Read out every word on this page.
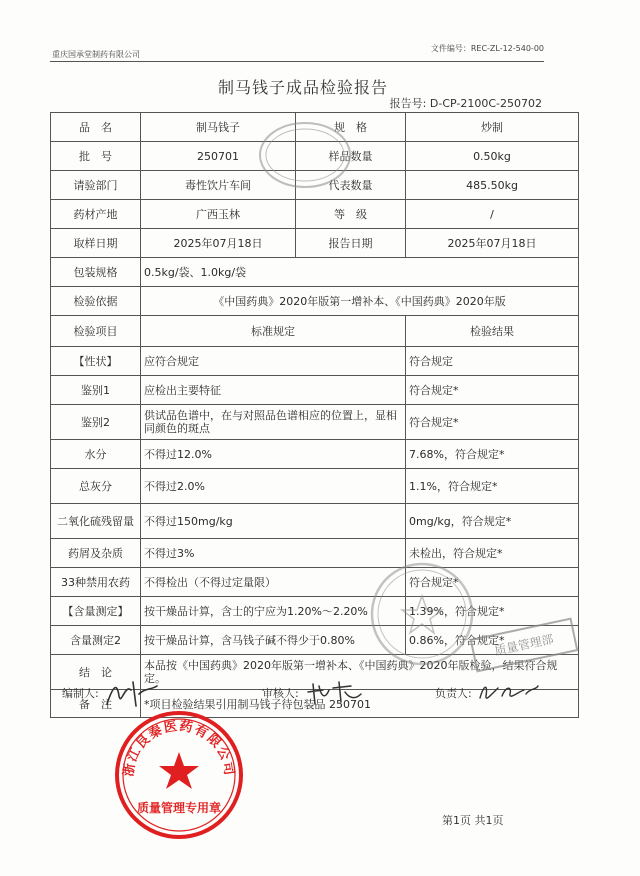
重庆国承堂制药有限公司
文件编号：REC-ZL-12-540-00
制马钱子成品检验报告
报告号: D-CP-2100C-250702
品　名	制马钱子	规　格	炒制
批　号	250701	样品数量	0.50kg
请验部门	毒性饮片车间	代表数量	485.50kg
药材产地	广西玉林	等　级	/
取样日期	2025年07月18日	报告日期	2025年07月18日
包装规格	0.5kg/袋、1.0kg/袋		
检验依据	《中国药典》2020年版第一增补本、《中国药典》2020年版		
检验项目	标准规定		检验结果
【性状】	应符合规定		符合规定
鉴别1	应检出主要特征		符合规定*
鉴别2	供试品色谱中，在与对照品色谱相应的位置上，显相同颜色的斑点		符合规定*
水分	不得过12.0%		7.68%，符合规定*
总灰分	不得过2.0%		1.1%，符合规定*
二氧化硫残留量	不得过150mg/kg		0mg/kg，符合规定*
药屑及杂质	不得过3%		未检出，符合规定*
33种禁用农药	不得检出（不得过定量限）		符合规定*
【含量测定】	按干燥品计算，含士的宁应为1.20%～2.20%		1.39%，符合规定*
含量测定2	按干燥品计算，含马钱子碱不得少于0.80%		0.86%，符合规定*
结　论	本品按《中国药典》2020年版第一增补本、《中国药典》2020年版检验，结果符合规定。		
备　注	*项目检验结果引用制马钱子待包装品 250701		
编制人:	审核人:	负责人:
质量管理部
浙江艮秦医药有限公司
质量管理专用章
第1页 共1页
